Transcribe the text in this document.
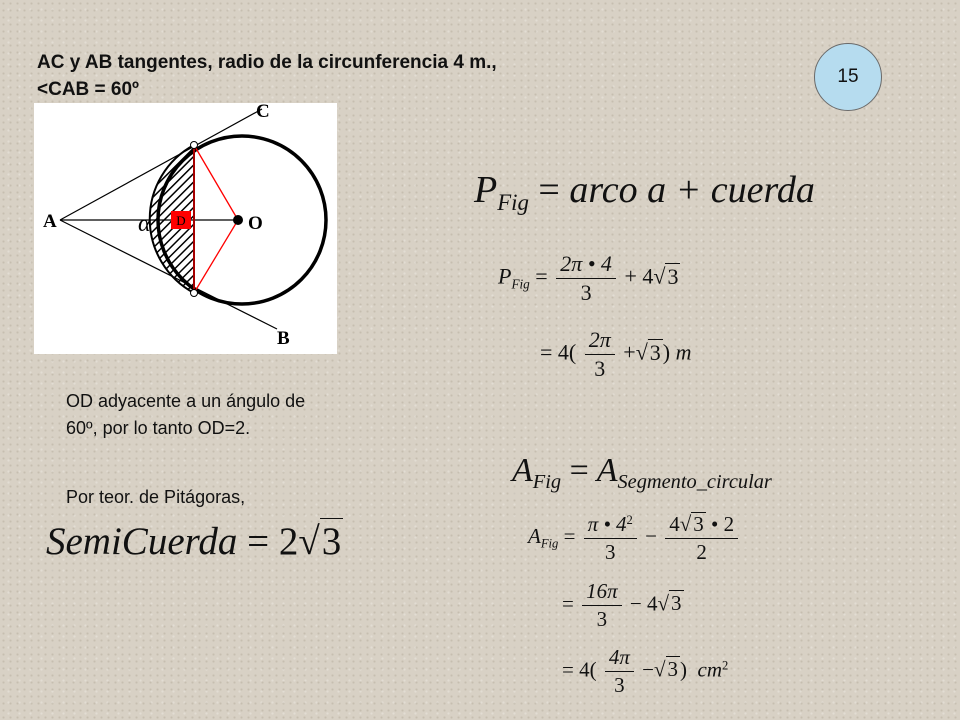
AC y AB tangentes, radio de la circunferencia 4 m.,
<CAB = 60º
15
D
C
A	O
B
α
OD adyacente a un ángulo de 60º, por lo tanto OD=2.
Por teor. de Pitágoras,
SemiCuerda = 2√3
$P_{Fig}$ = arco a + cuerda
$P_{Fig} = \frac{2\pi • 4}{3} + 4√3$
= $4( \frac{2\pi}{3} +√3)$ m
$A_{Fig} = A_{Segmento\_circular}$
$A_{Fig} = \frac{\pi • 4^2}{3} - \frac{4√3 • 2}{2}$
= $\frac{16\pi}{3} - 4√3$
= $4( \frac{4\pi}{3} -√3)$ $cm^2$
